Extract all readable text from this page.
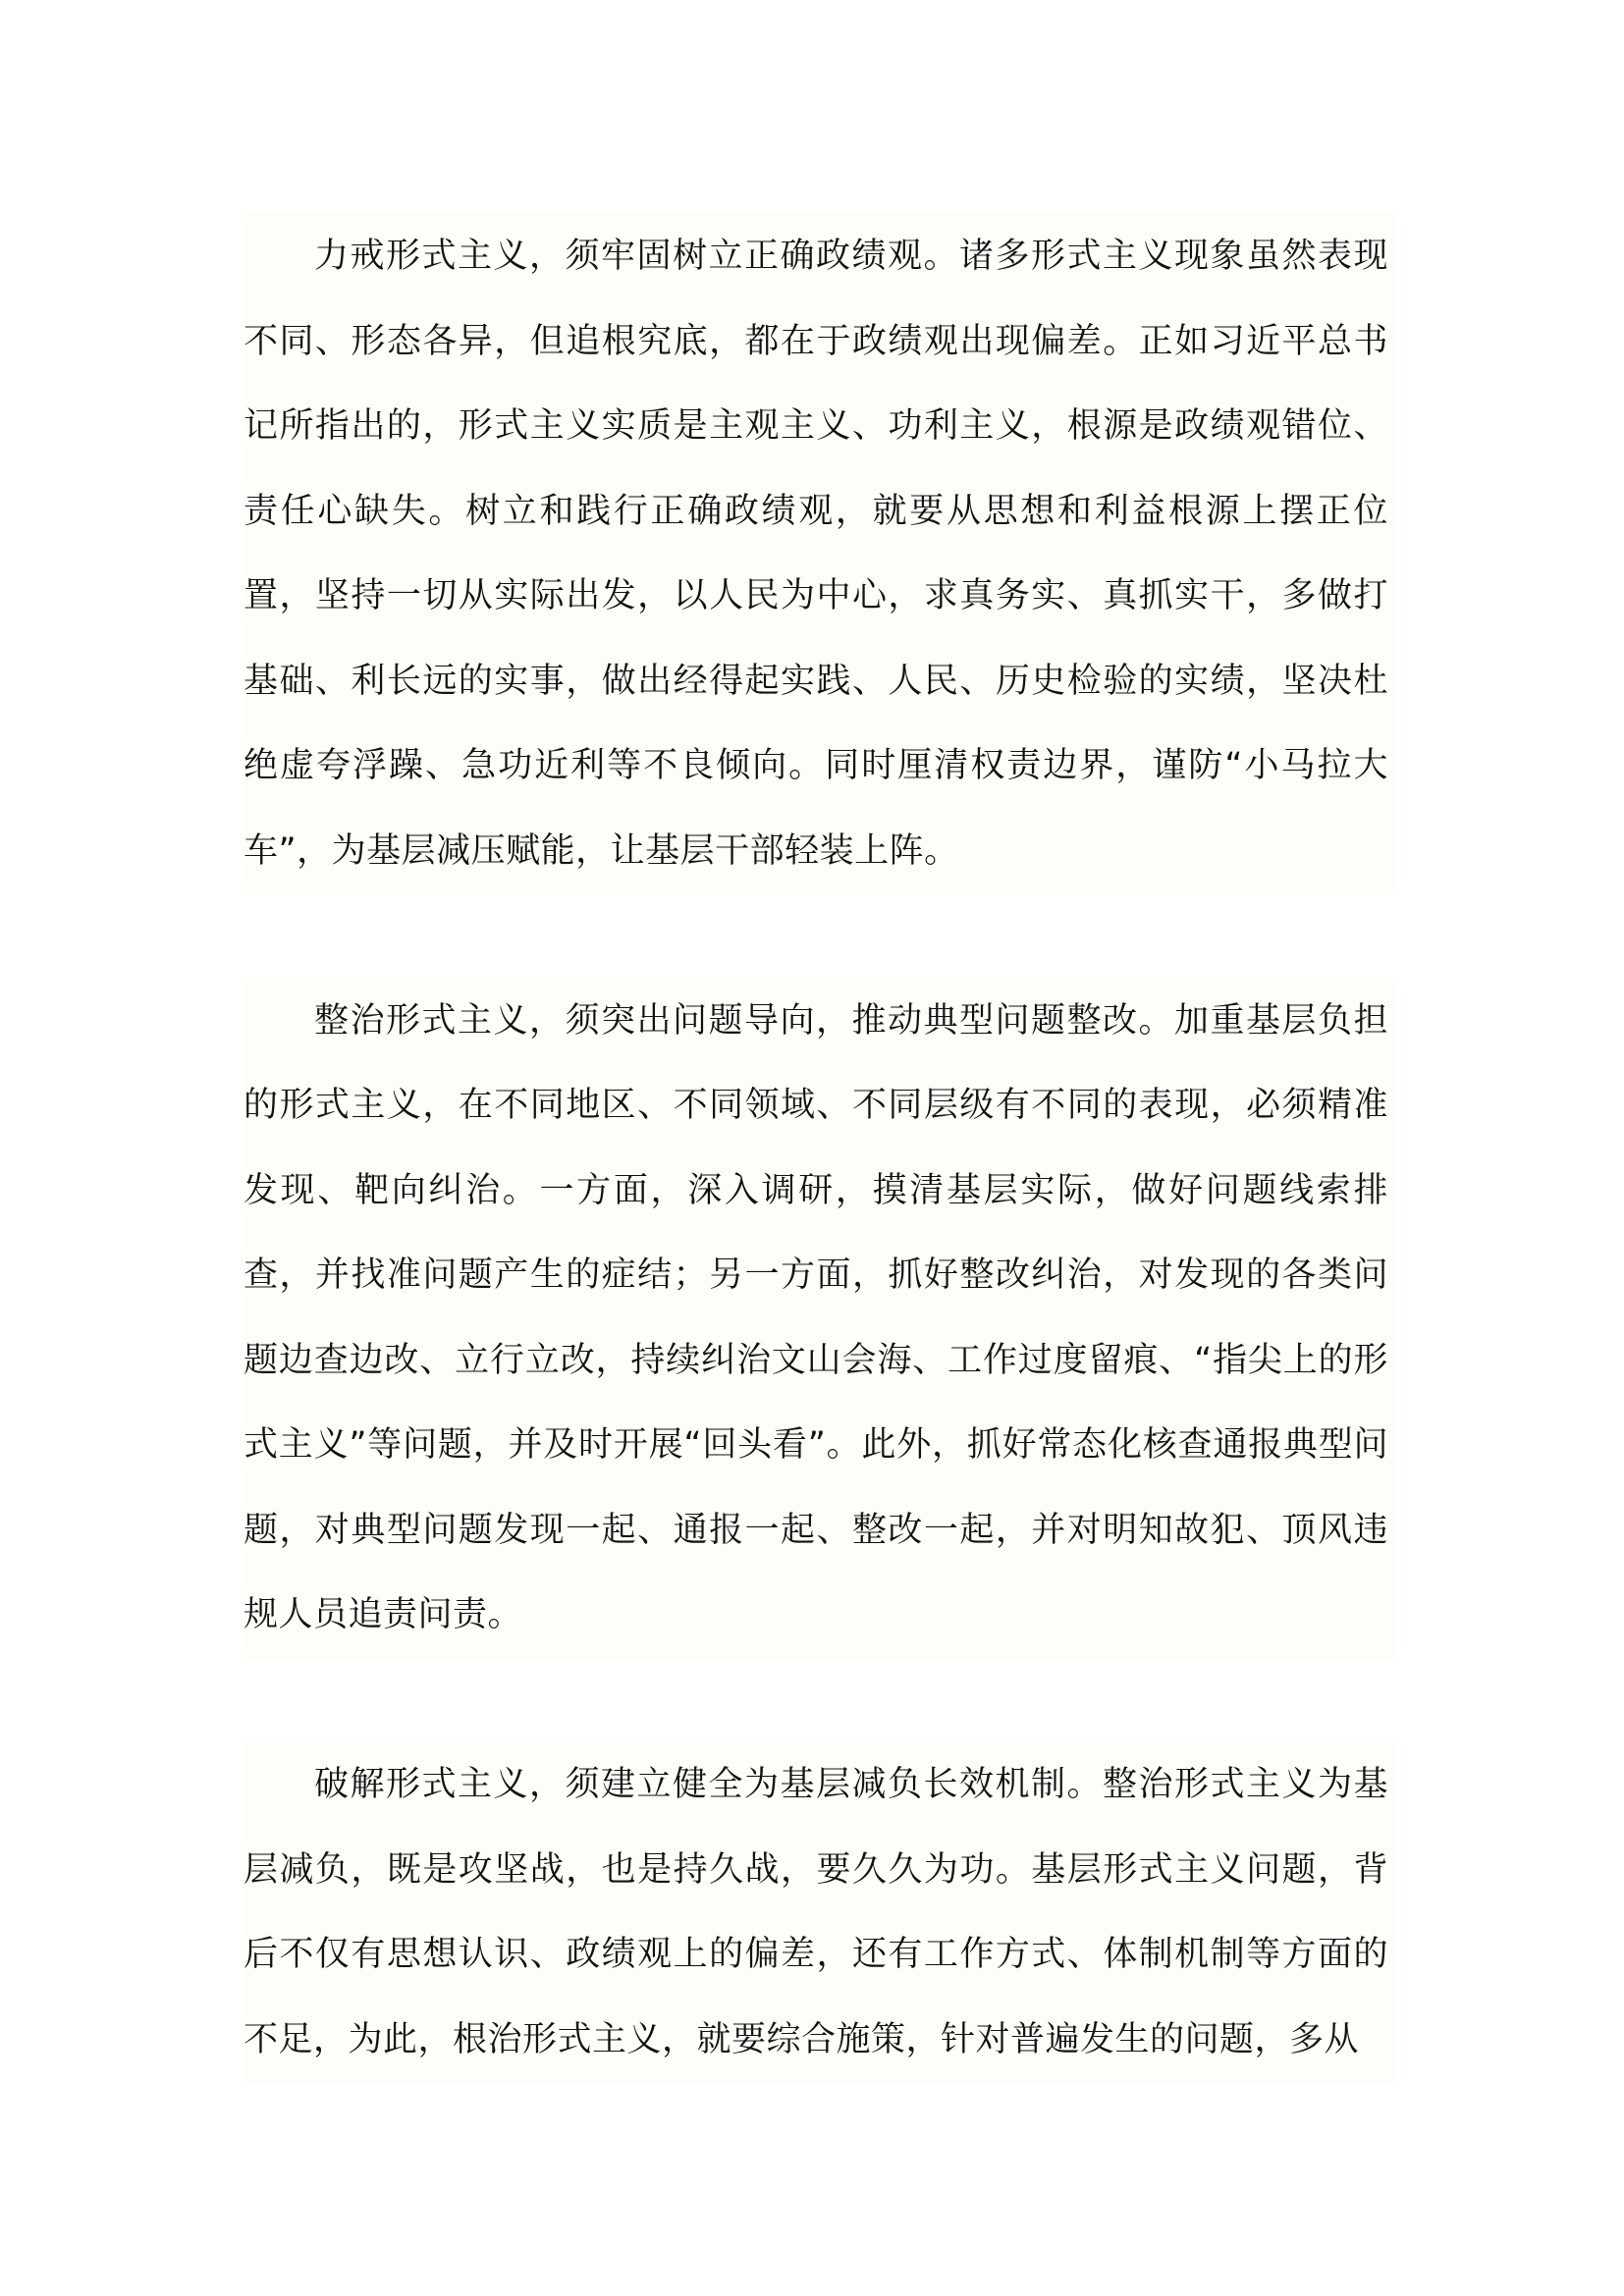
力戒形式主义，须牢固树立正确政绩观。诸多形式主义现象虽然表现不同、形态各异，但追根究底，都在于政绩观出现偏差。正如习近平总书记所指出的，形式主义实质是主观主义、功利主义，根源是政绩观错位、责任心缺失。树立和践行正确政绩观，就要从思想和利益根源上摆正位置，坚持一切从实际出发，以人民为中心，求真务实、真抓实干，多做打基础、利长远的实事，做出经得起实践、人民、历史检验的实绩，坚决杜绝虚夸浮躁、急功近利等不良倾向。同时厘清权责边界，谨防“小马拉大车”，为基层减压赋能，让基层干部轻装上阵。

整治形式主义，须突出问题导向，推动典型问题整改。加重基层负担的形式主义，在不同地区、不同领域、不同层级有不同的表现，必须精准发现、靶向纠治。一方面，深入调研，摸清基层实际，做好问题线索排查，并找准问题产生的症结；另一方面，抓好整改纠治，对发现的各类问题边查边改、立行立改，持续纠治文山会海、工作过度留痕、“指尖上的形式主义”等问题，并及时开展“回头看”。此外，抓好常态化核查通报典型问题，对典型问题发现一起、通报一起、整改一起，并对明知故犯、顶风违规人员追责问责。

破解形式主义，须建立健全为基层减负长效机制。整治形式主义为基层减负，既是攻坚战，也是持久战，要久久为功。基层形式主义问题，背后不仅有思想认识、政绩观上的偏差，还有工作方式、体制机制等方面的不足，为此，根治形式主义，就要综合施策，针对普遍发生的问题，多从
